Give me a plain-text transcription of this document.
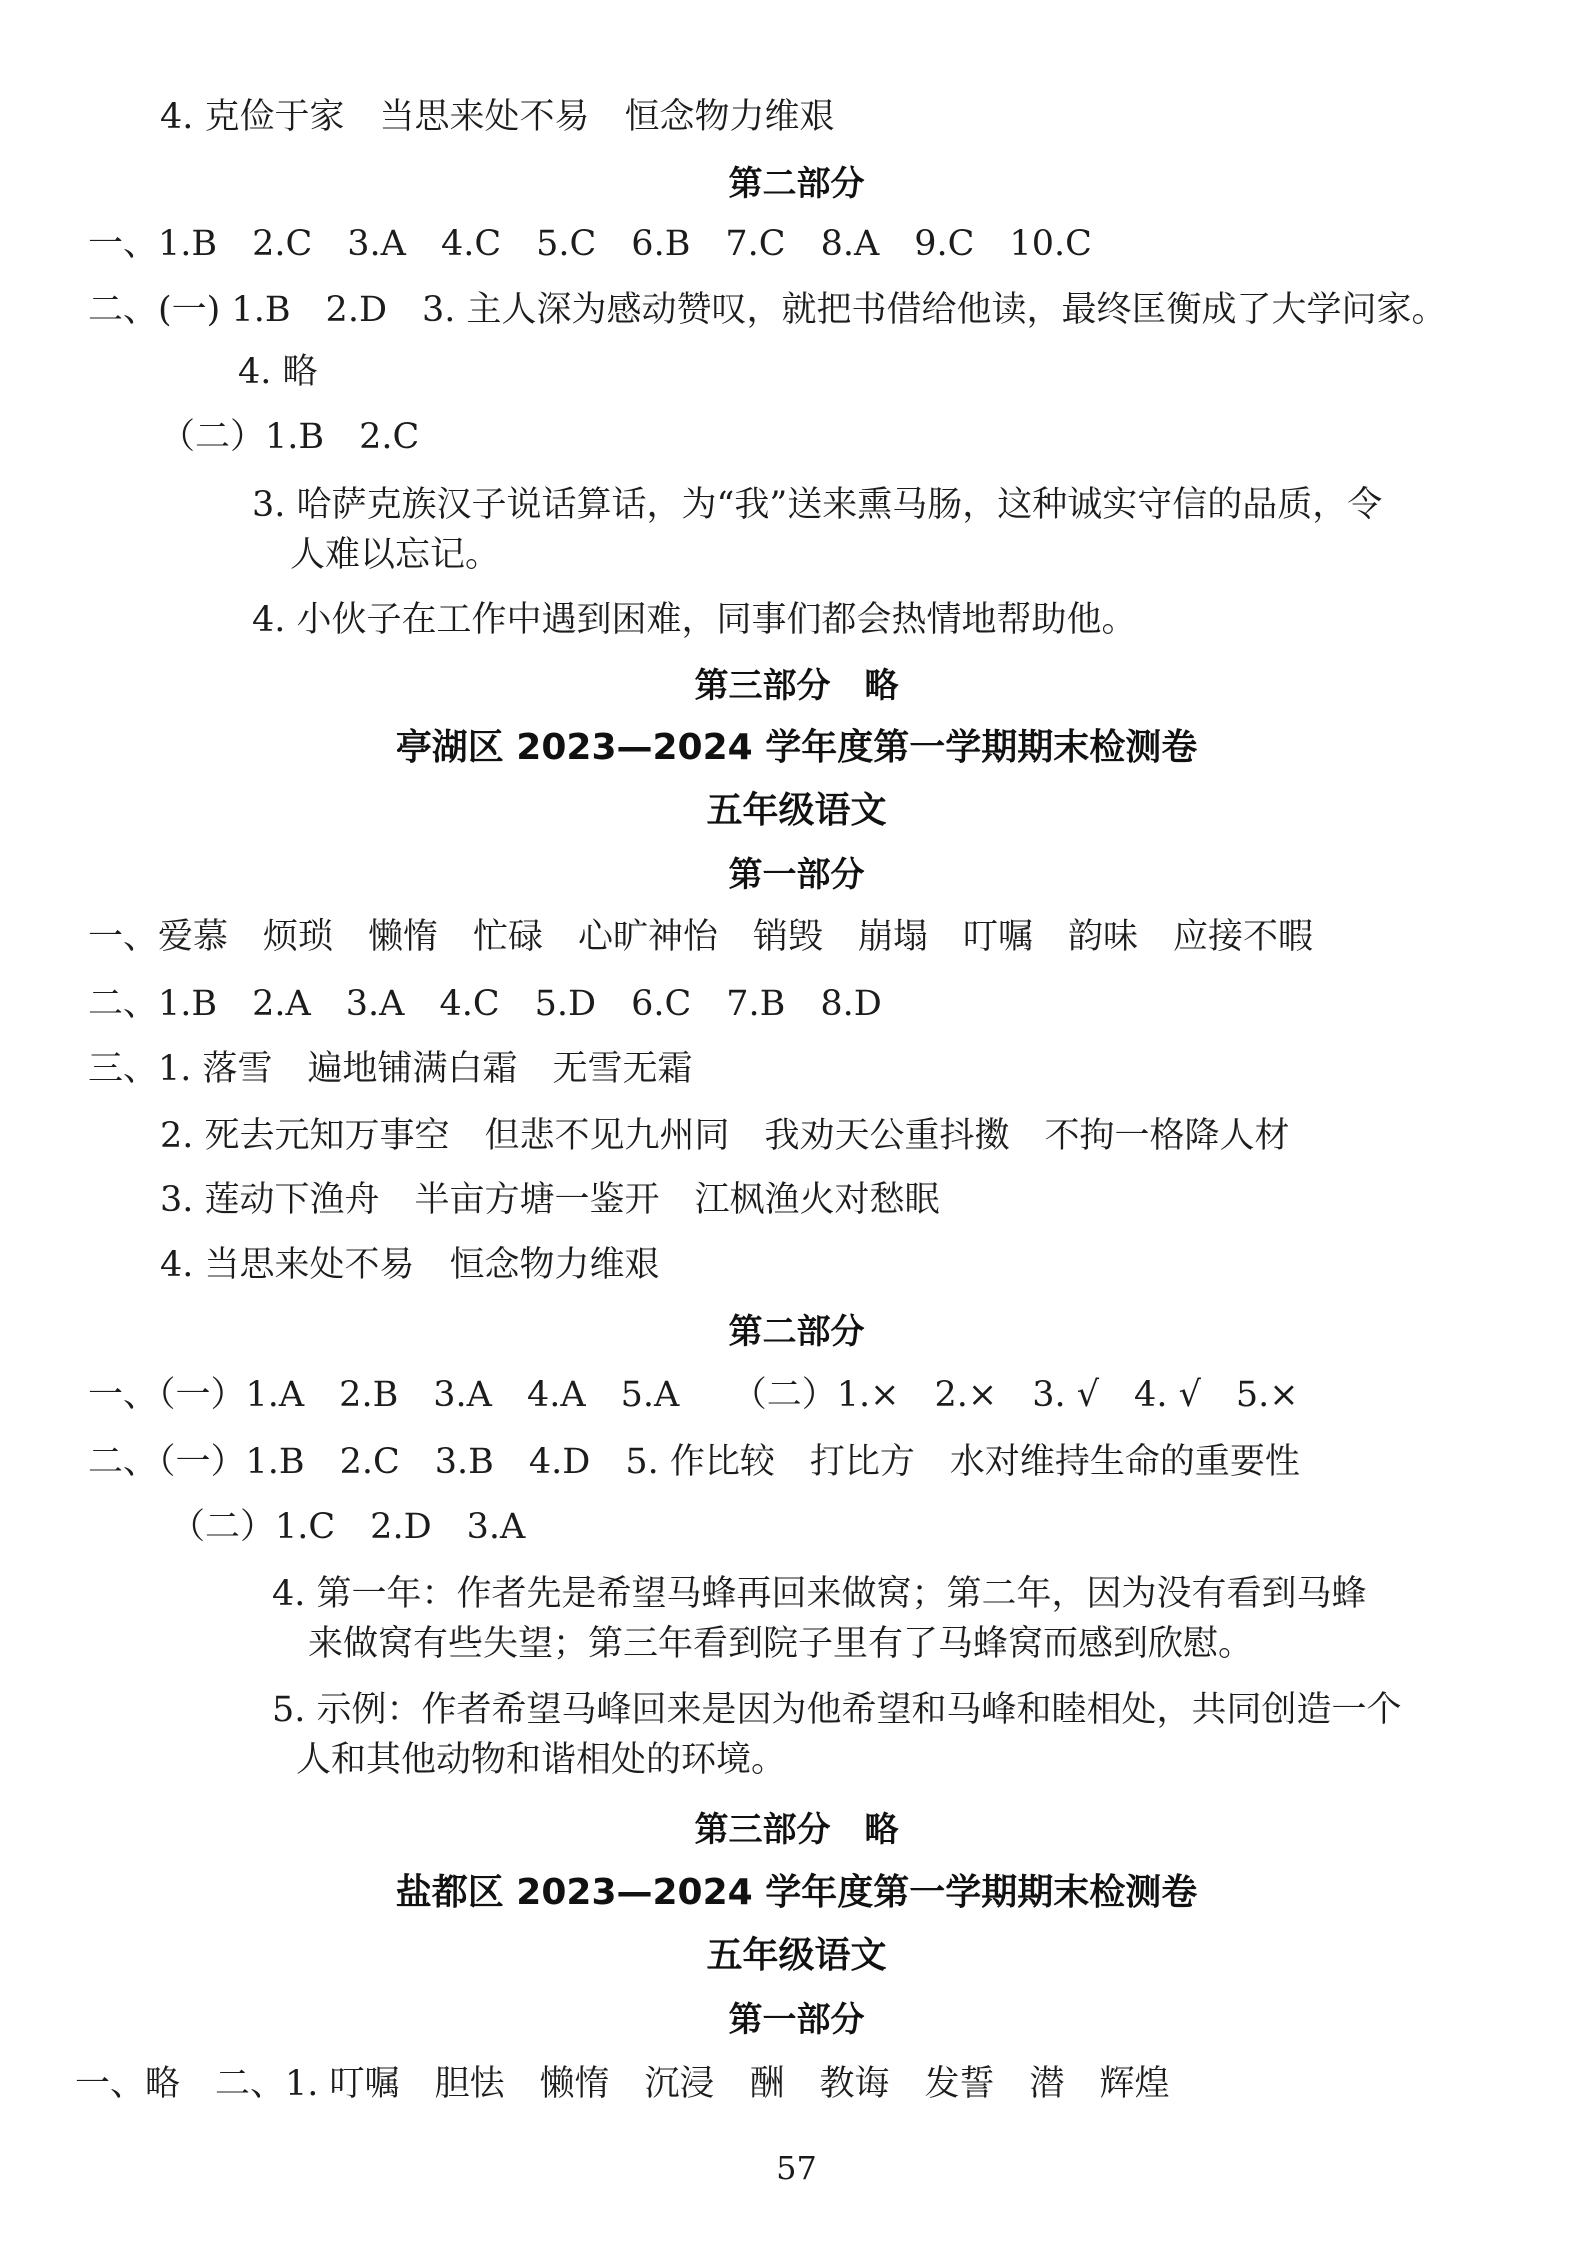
4. 克俭于家　当思来处不易　恒念物力维艰
第二部分
一、1.B　2.C　3.A　4.C　5.C　6.B　7.C　8.A　9.C　10.C
二、(一) 1.B　2.D　3. 主人深为感动赞叹，就把书借给他读，最终匡衡成了大学问家。
4. 略
（二）1.B　2.C
3. 哈萨克族汉子说话算话，为“我”送来熏马肠，这种诚实守信的品质，令
人难以忘记。
4. 小伙子在工作中遇到困难，同事们都会热情地帮助他。
第三部分　略
亭湖区 2023—2024 学年度第一学期期末检测卷
五年级语文
第一部分
一、爱慕　烦琐　懒惰　忙碌　心旷神怡　销毁　崩塌　叮嘱　韵味　应接不暇
二、1.B　2.A　3.A　4.C　5.D　6.C　7.B　8.D
三、1. 落雪　遍地铺满白霜　无雪无霜
2. 死去元知万事空　但悲不见九州同　我劝天公重抖擞　不拘一格降人材
3. 莲动下渔舟　半亩方塘一鉴开　江枫渔火对愁眠
4. 当思来处不易　恒念物力维艰
第二部分
一、（一）1.A　2.B　3.A　4.A　5.A　　（二）1.×　2.×　3. √　4. √　5.×
二、（一）1.B　2.C　3.B　4.D　5. 作比较　打比方　水对维持生命的重要性
（二）1.C　2.D　3.A
4. 第一年：作者先是希望马蜂再回来做窝；第二年，因为没有看到马蜂
来做窝有些失望；第三年看到院子里有了马蜂窝而感到欣慰。
5. 示例：作者希望马峰回来是因为他希望和马峰和睦相处，共同创造一个
人和其他动物和谐相处的环境。
第三部分　略
盐都区 2023—2024 学年度第一学期期末检测卷
五年级语文
第一部分
一、略　二、1. 叮嘱　胆怯　懒惰　沉浸　酬　教诲　发誓　潜　辉煌
57
